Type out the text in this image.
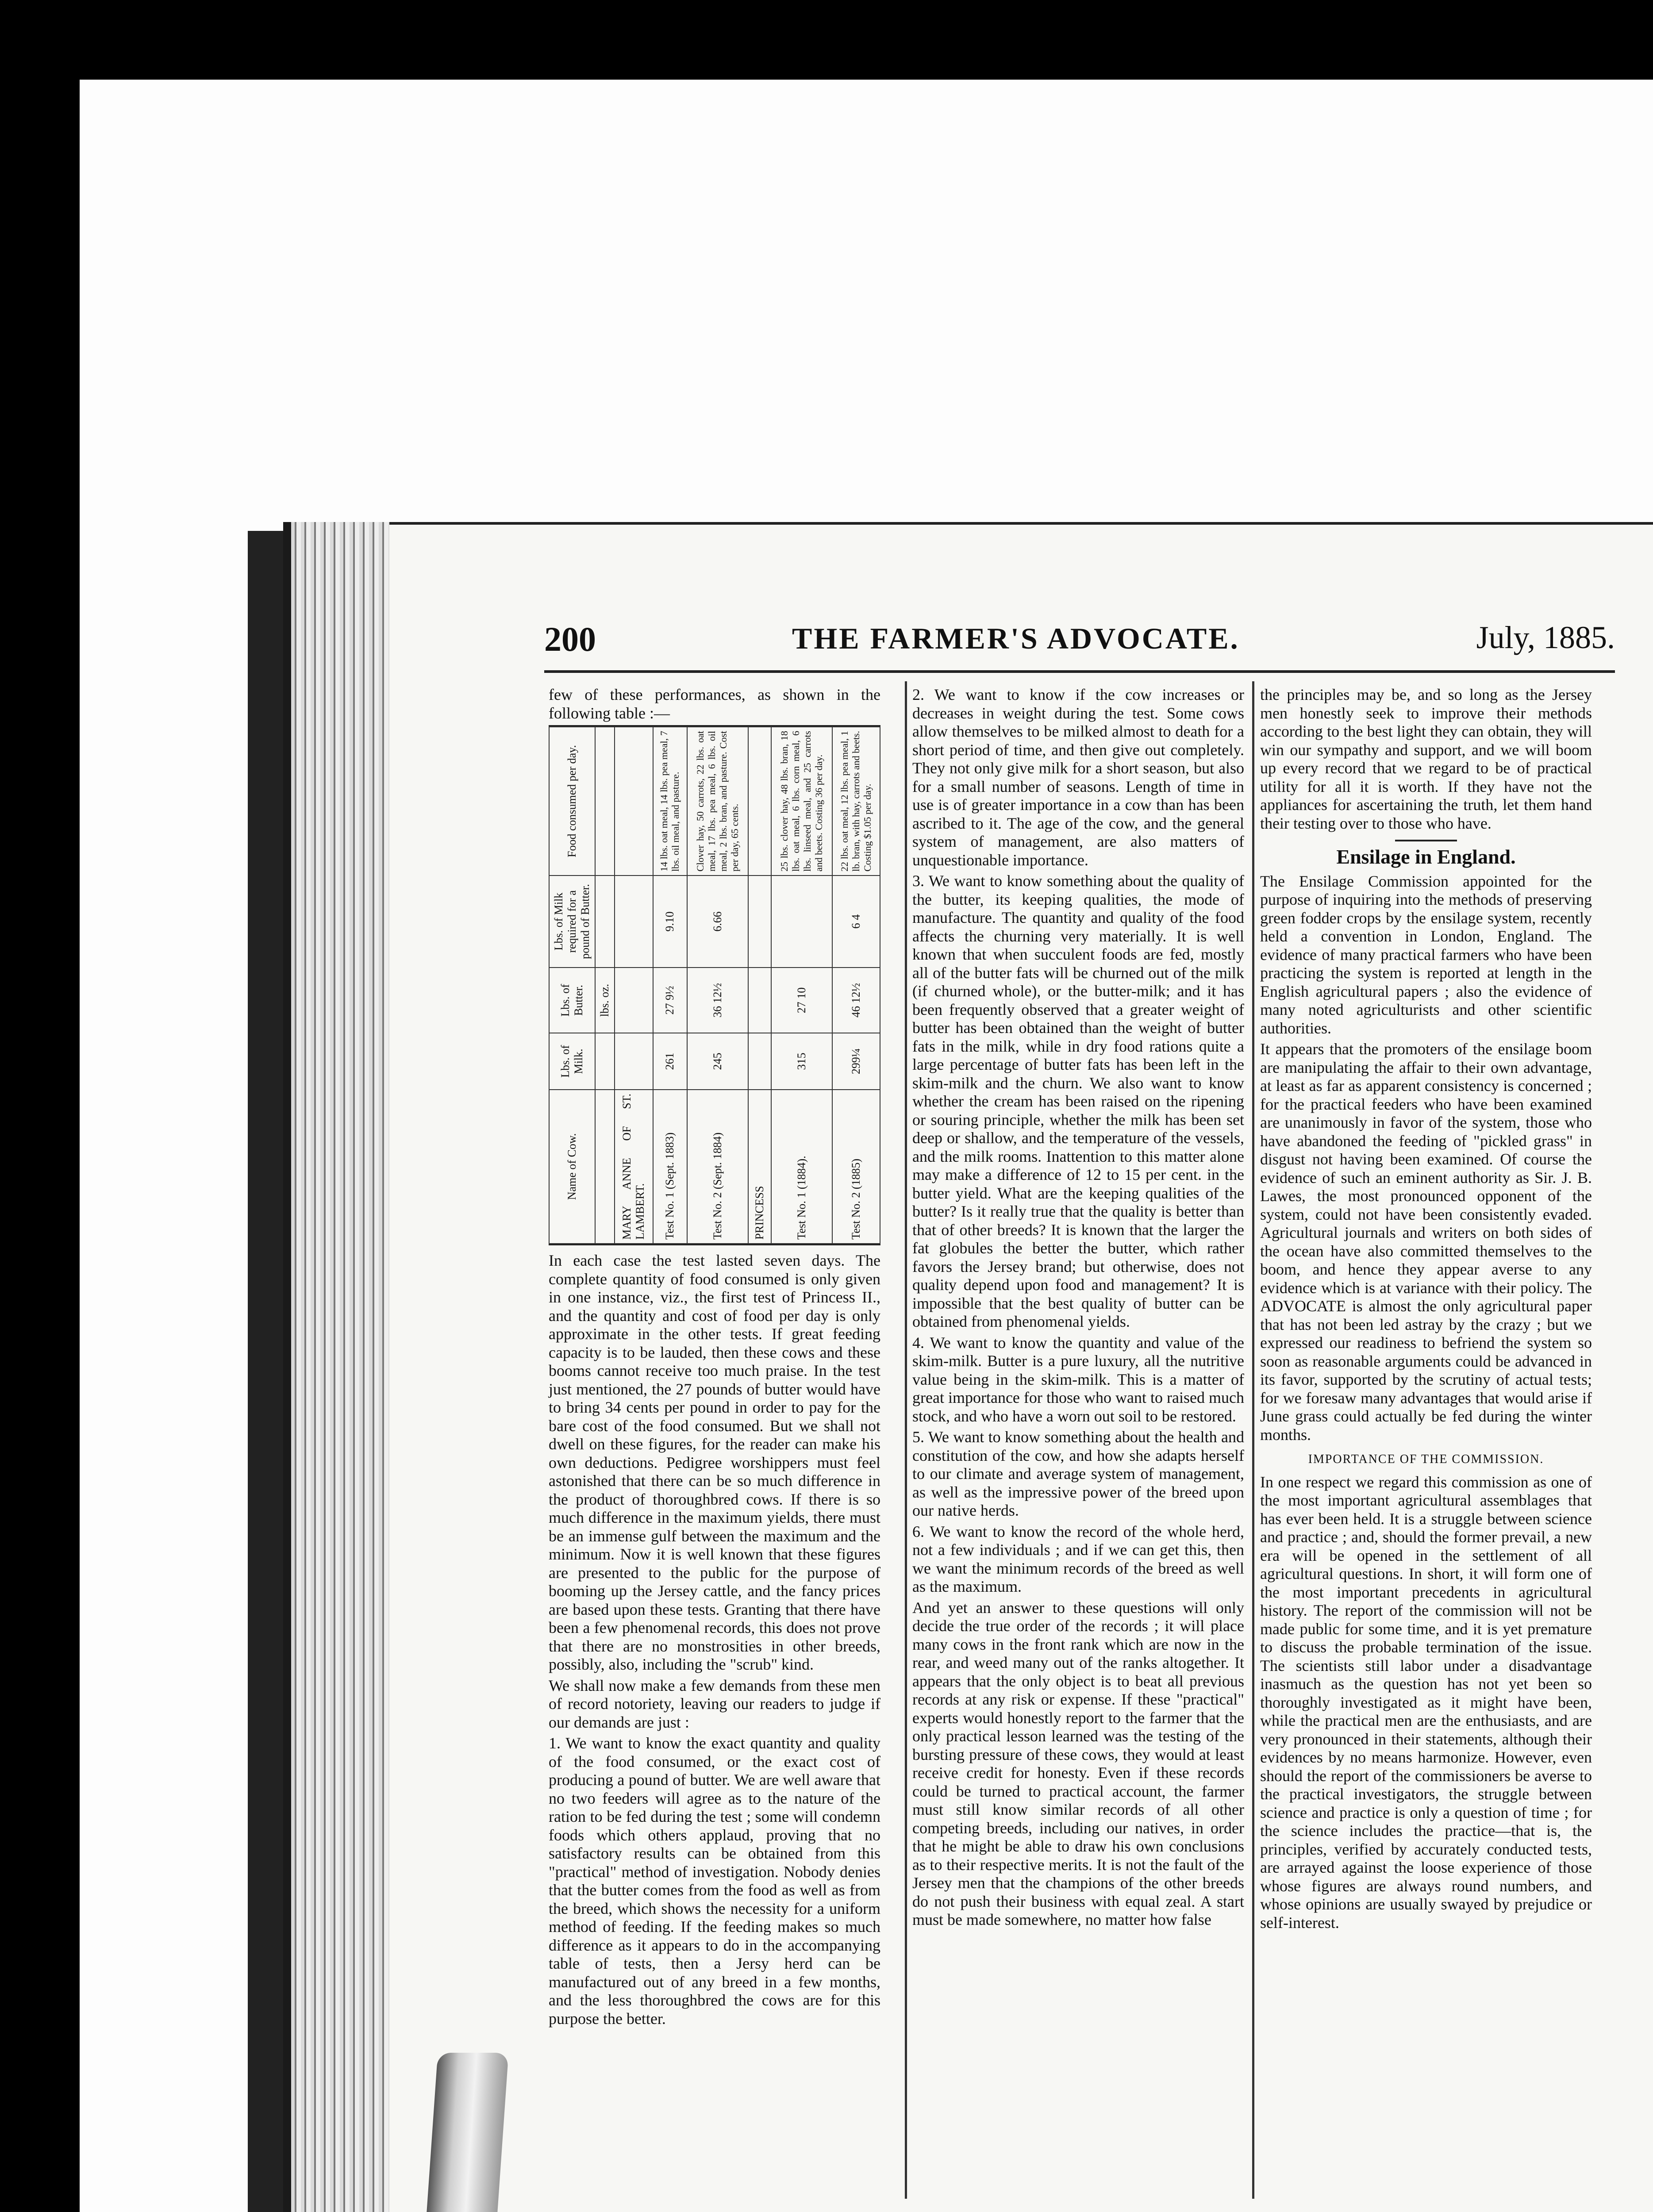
200	THE FARMER'S ADVOCATE.	July, 1885.

few of these performances, as shown in the following table :—

Name of Cow.	Lbs. of Milk.	Lbs. of Butter.	Lbs. of Milk required for a pound of Butter.	Food consumed per day.
		lbs. oz.		
MARY ANNE OF ST. LAMBERT.				
Test No. 1 (Sept. 1883)	261	27 9½	9.10	14 lbs. oat meal, 14 lbs. pea meal, 7 lbs. oil meal, and pasture.
Test No. 2 (Sept. 1884)	245	36 12½	6.66	Clover hay, 50 carrots, 22 lbs. oat meal, 17 lbs. pea meal, 6 lbs. oil meal, 2 lbs. bran, and pasture. Cost per day, 65 cents.
PRINCESS				
Test No. 1 (1884).	315	27 10		25 lbs. clover hay, 48 lbs. bran, 18 lbs. oat meal, 6 lbs. corn meal, 6 lbs. linseed meal, and 25 carrots and beets. Costing 36 per day.
Test No. 2 (1885)	299¼	46 12½	6 4	22 lbs. oat meal, 12 lbs. pea meal, 1 lb. bran, with hay, carrots and beets. Costing $1.05 per day.

In each case the test lasted seven days. The complete quantity of food consumed is only given in one instance, viz., the first test of Princess II., and the quantity and cost of food per day is only approximate in the other tests. If great feeding capacity is to be lauded, then these cows and these booms cannot receive too much praise. In the test just mentioned, the 27 pounds of butter would have to bring 34 cents per pound in order to pay for the bare cost of the food consumed. But we shall not dwell on these figures, for the reader can make his own deductions. Pedigree worshippers must feel astonished that there can be so much difference in the product of thoroughbred cows. If there is so much difference in the maximum yields, there must be an immense gulf between the maximum and the minimum. Now it is well known that these figures are presented to the public for the purpose of booming up the Jersey cattle, and the fancy prices are based upon these tests. Granting that there have been a few phenomenal records, this does not prove that there are no monstrosities in other breeds, possibly, also, including the "scrub" kind.

We shall now make a few demands from these men of record notoriety, leaving our readers to judge if our demands are just :

1. We want to know the exact quantity and quality of the food consumed, or the exact cost of producing a pound of butter. We are well aware that no two feeders will agree as to the nature of the ration to be fed during the test ; some will condemn foods which others applaud, proving that no satisfactory results can be obtained from this "practical" method of investigation. Nobody denies that the butter comes from the food as well as from the breed, which shows the necessity for a uniform method of feeding. If the feeding makes so much difference as it appears to do in the accompanying table of tests, then a Jersy herd can be manufactured out of any breed in a few months, and the less thoroughbred the cows are for this purpose the better.

2. We want to know if the cow increases or decreases in weight during the test. Some cows allow themselves to be milked almost to death for a short period of time, and then give out completely. They not only give milk for a short season, but also for a small number of seasons. Length of time in use is of greater importance in a cow than has been ascribed to it. The age of the cow, and the general system of management, are also matters of unquestionable importance.

3. We want to know something about the quality of the butter, its keeping qualities, the mode of manufacture. The quantity and quality of the food affects the churning very materially. It is well known that when succulent foods are fed, mostly all of the butter fats will be churned out of the milk (if churned whole), or the butter-milk; and it has been frequently observed that a greater weight of butter has been obtained than the weight of butter fats in the milk, while in dry food rations quite a large percentage of butter fats has been left in the skim-milk and the churn. We also want to know whether the cream has been raised on the ripening or souring principle, whether the milk has been set deep or shallow, and the temperature of the vessels, and the milk rooms. Inattention to this matter alone may make a difference of 12 to 15 per cent. in the butter yield. What are the keeping qualities of the butter? Is it really true that the quality is better than that of other breeds? It is known that the larger the fat globules the better the butter, which rather favors the Jersey brand; but otherwise, does not quality depend upon food and management? It is impossible that the best quality of butter can be obtained from phenomenal yields.

4. We want to know the quantity and value of the skim-milk. Butter is a pure luxury, all the nutritive value being in the skim-milk. This is a matter of great importance for those who want to raised much stock, and who have a worn out soil to be restored.

5. We want to know something about the health and constitution of the cow, and how she adapts herself to our climate and average system of management, as well as the impressive power of the breed upon our native herds.

6. We want to know the record of the whole herd, not a few individuals ; and if we can get this, then we want the minimum records of the breed as well as the maximum.

And yet an answer to these questions will only decide the true order of the records ; it will place many cows in the front rank which are now in the rear, and weed many out of the ranks altogether. It appears that the only object is to beat all previous records at any risk or expense. If these "practical" experts would honestly report to the farmer that the only practical lesson learned was the testing of the bursting pressure of these cows, they would at least receive credit for honesty. Even if these records could be turned to practical account, the farmer must still know similar records of all other competing breeds, including our natives, in order that he might be able to draw his own conclusions as to their respective merits. It is not the fault of the Jersey men that the champions of the other breeds do not push their business with equal zeal. A start must be made somewhere, no matter how false

the principles may be, and so long as the Jersey men honestly seek to improve their methods according to the best light they can obtain, they will win our sympathy and support, and we will boom up every record that we regard to be of practical utility for all it is worth. If they have not the appliances for ascertaining the truth, let them hand their testing over to those who have.

Ensilage in England.

The Ensilage Commission appointed for the purpose of inquiring into the methods of preserving green fodder crops by the ensilage system, recently held a convention in London, England. The evidence of many practical farmers who have been practicing the system is reported at length in the English agricultural papers ; also the evidence of many noted agriculturists and other scientific authorities.

It appears that the promoters of the ensilage boom are manipulating the affair to their own advantage, at least as far as apparent consistency is concerned ; for the practical feeders who have been examined are unanimously in favor of the system, those who have abandoned the feeding of "pickled grass" in disgust not having been examined. Of course the evidence of such an eminent authority as Sir. J. B. Lawes, the most pronounced opponent of the system, could not have been consistently evaded. Agricultural journals and writers on both sides of the ocean have also committed themselves to the boom, and hence they appear averse to any evidence which is at variance with their policy. The ADVOCATE is almost the only agricultural paper that has not been led astray by the crazy ; but we expressed our readiness to befriend the system so soon as reasonable arguments could be advanced in its favor, supported by the scrutiny of actual tests; for we foresaw many advantages that would arise if June grass could actually be fed during the winter months.

IMPORTANCE OF THE COMMISSION.

In one respect we regard this commission as one of the most important agricultural assemblages that has ever been held. It is a struggle between science and practice ; and, should the former prevail, a new era will be opened in the settlement of all agricultural questions. In short, it will form one of the most important precedents in agricultural history. The report of the commission will not be made public for some time, and it is yet premature to discuss the probable termination of the issue. The scientists still labor under a disadvantage inasmuch as the question has not yet been so thoroughly investigated as it might have been, while the practical men are the enthusiasts, and are very pronounced in their statements, although their evidences by no means harmonize. However, even should the report of the commissioners be averse to the practical investigators, the struggle between science and practice is only a question of time ; for the science includes the practice—that is, the principles, verified by accurately conducted tests, are arrayed against the loose experience of those whose figures are always round numbers, and whose opinions are usually swayed by prejudice or self-interest.
